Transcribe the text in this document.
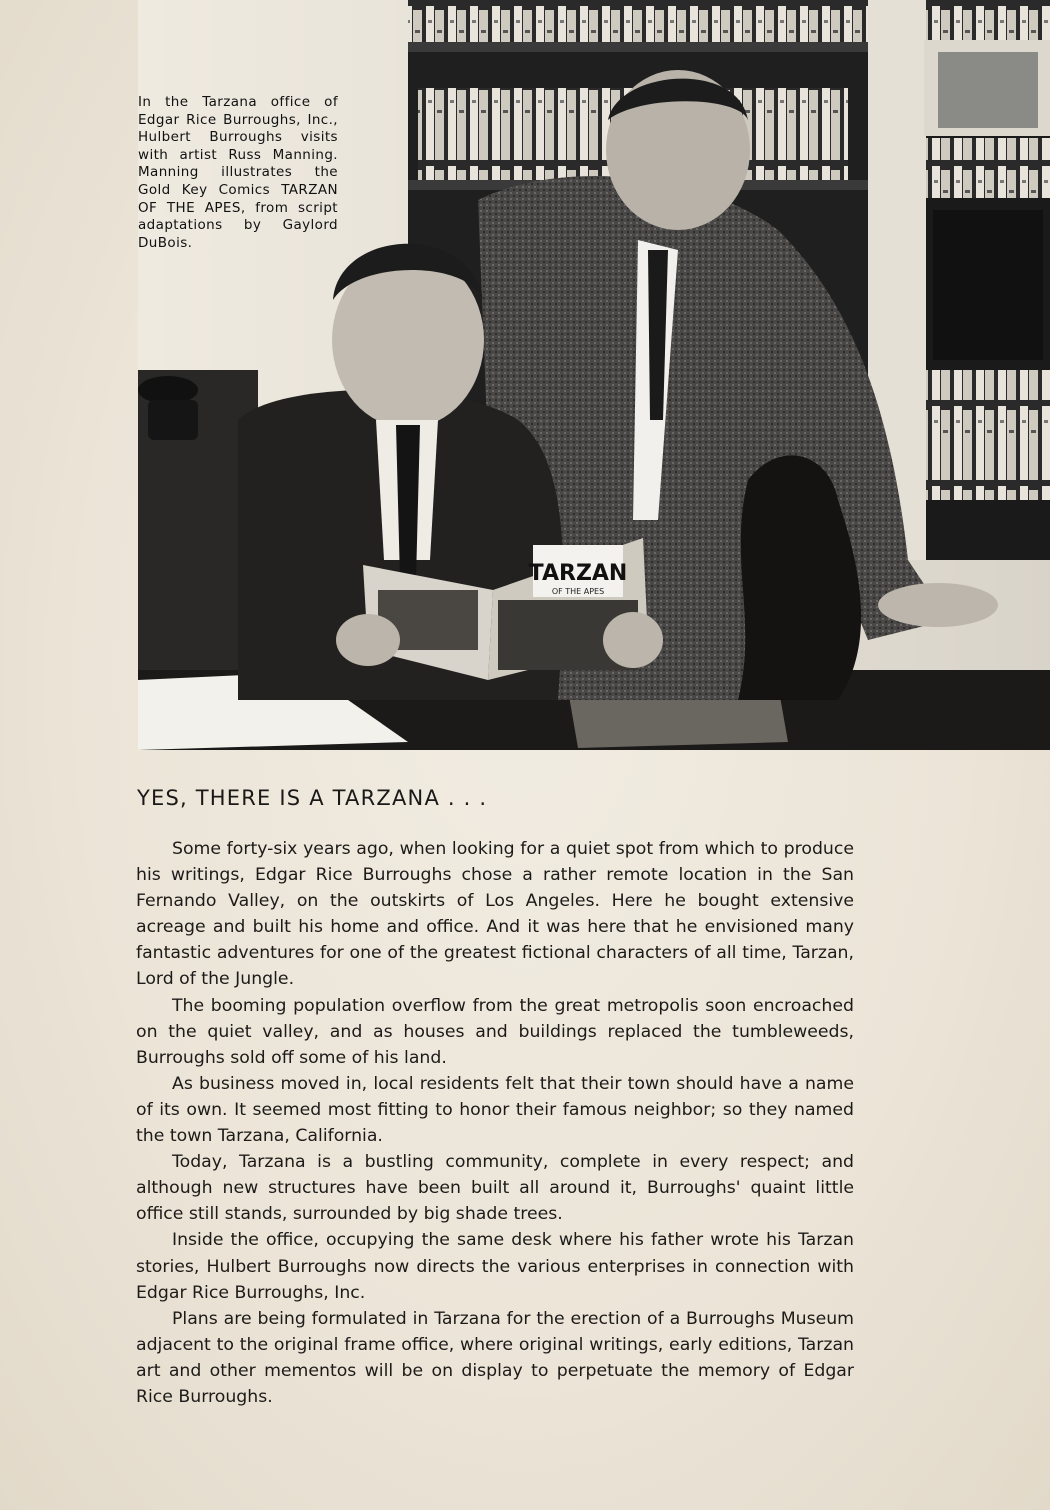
TARZAN
OF THE APES

In the Tarzana office of Edgar Rice Burroughs, Inc., Hulbert Burroughs visits with artist Russ Manning. Manning illustrates the Gold Key Comics TARZAN OF THE APES, from script adaptations by Gaylord DuBois.

YES, THERE IS A TARZANA . . .

Some forty-six years ago, when looking for a quiet spot from which to produce his writings, Edgar Rice Burroughs chose a rather remote location in the San Fernando Valley, on the outskirts of Los Angeles. Here he bought extensive acreage and built his home and office. And it was here that he envisioned many fantastic adventures for one of the greatest fictional characters of all time, Tarzan, Lord of the Jungle.

The booming population overflow from the great metropolis soon encroached on the quiet valley, and as houses and buildings replaced the tumbleweeds, Burroughs sold off some of his land.

As business moved in, local residents felt that their town should have a name of its own. It seemed most fitting to honor their famous neighbor; so they named the town Tarzana, California.

Today, Tarzana is a bustling community, complete in every respect; and although new structures have been built all around it, Burroughs' quaint little office still stands, surrounded by big shade trees.

Inside the office, occupying the same desk where his father wrote his Tarzan stories, Hulbert Burroughs now directs the various enterprises in connection with Edgar Rice Burroughs, Inc.

Plans are being formulated in Tarzana for the erection of a Burroughs Museum adjacent to the original frame office, where original writings, early editions, Tarzan art and other mementos will be on display to perpetuate the memory of Edgar Rice Burroughs.
